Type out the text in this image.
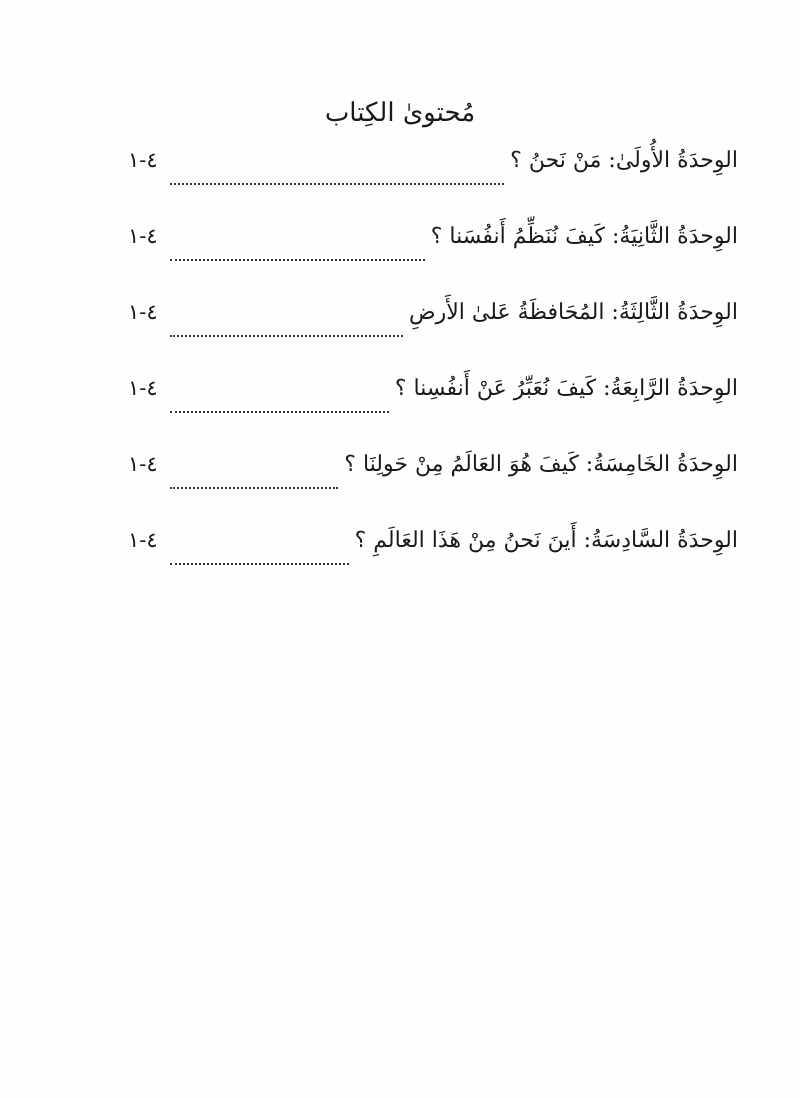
مُحتوىٰ الكِتاب
٤-١	الوِحدَةُ الأُولَىٰ: مَنْ نَحنُ ؟
٤-١	الوِحدَةُ الثَّانِيَةُ: كَيفَ نُنَظِّمُ أَنفُسَنا ؟
٤-١	الوِحدَةُ الثَّالِثَةُ: المُحَافظَةُ عَلىٰ الأَرضِ
٤-١	الوِحدَةُ الرَّابِعَةُ: كَيفَ نُعَبِّرُ عَنْ أَنفُسِنا ؟
٤-١	الوِحدَةُ الخَامِسَةُ: كَيفَ هُوَ العَالَمُ مِنْ حَولِنَا ؟
٤-١	الوِحدَةُ السَّادِسَةُ: أَينَ نَحنُ مِنْ هَذَا العَالَمِ ؟
